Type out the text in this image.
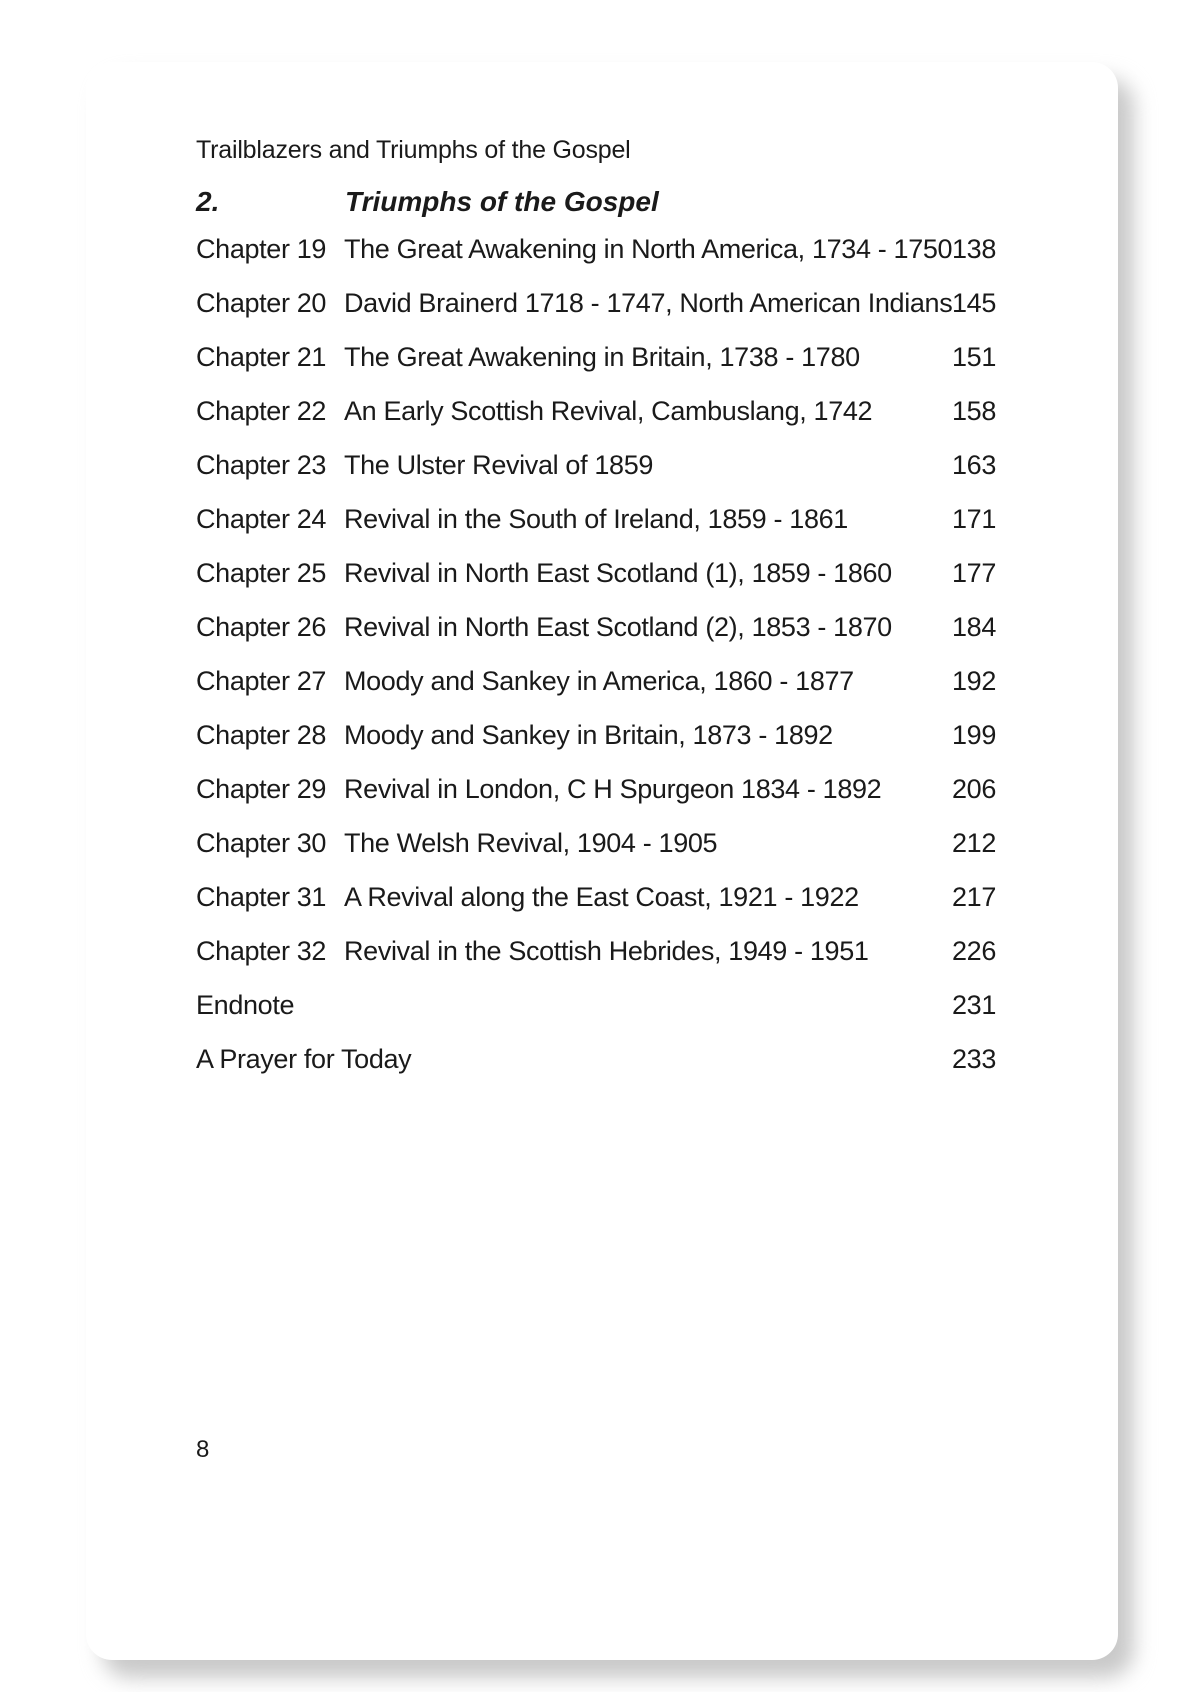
Trailblazers and Triumphs of the Gospel
2.	Triumphs of the Gospel
Chapter 19 The Great Awakening in North America, 1734 - 1750 138
Chapter 20 David Brainerd 1718 - 1747, North American Indians 145
Chapter 21 The Great Awakening in Britain, 1738 - 1780	151
Chapter 22 An Early Scottish Revival, Cambuslang, 1742	158
Chapter 23 The Ulster Revival of 1859	163
Chapter 24 Revival in the South of Ireland, 1859 - 1861	171
Chapter 25 Revival in North East Scotland (1), 1859 - 1860 177
Chapter 26 Revival in North East Scotland (2), 1853 - 1870 184
Chapter 27 Moody and Sankey in America, 1860 - 1877	192
Chapter 28 Moody and Sankey in Britain, 1873 - 1892	199
Chapter 29 Revival in London, C H Spurgeon 1834 - 1892	206
Chapter 30 The Welsh Revival, 1904 - 1905	212
Chapter 31 A Revival along the East Coast, 1921 - 1922	217
Chapter 32 Revival in the Scottish Hebrides, 1949 - 1951	226
Endnote	231
A Prayer for Today	233
8
